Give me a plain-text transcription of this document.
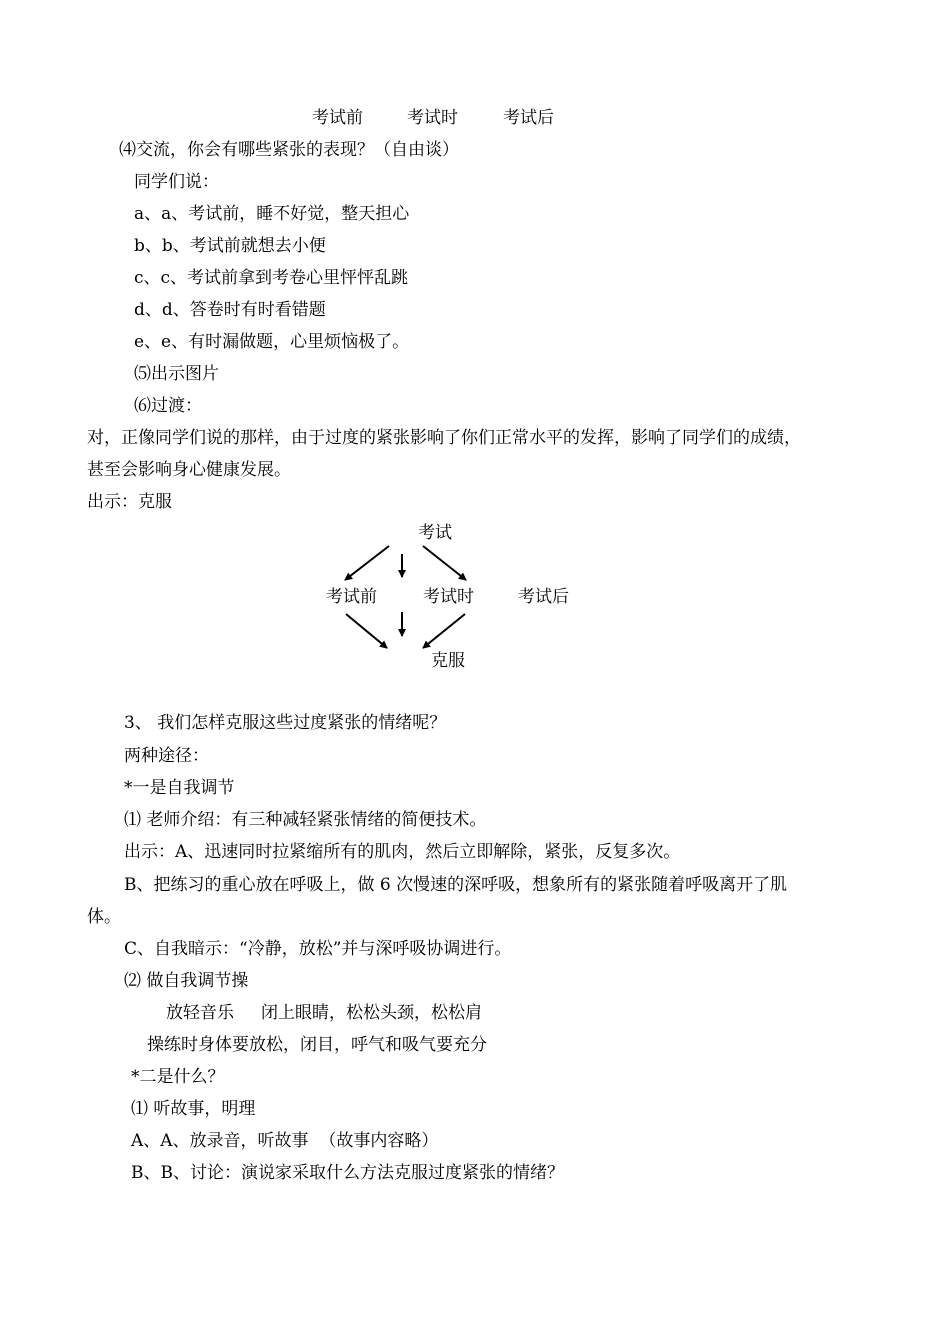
考试前	考试时	考试后
⑷交流，你会有哪些紧张的表现？（自由谈）
同学们说：
a、a、考试前，睡不好觉，整天担心
b、b、考试前就想去小便
c、c、考试前拿到考卷心里怦怦乱跳
d、d、答卷时有时看错题
e、e、有时漏做题，心里烦恼极了。
⑸出示图片
⑹过渡：
对，正像同学们说的那样，由于过度的紧张影响了你们正常水平的发挥，影响了同学们的成绩，
甚至会影响身心健康发展。
出示：克服
考试
考试前	考试时	考试后
克服
3、 我们怎样克服这些过度紧张的情绪呢？
两种途径：
*一是自我调节
⑴ 老师介绍：有三种减轻紧张情绪的简便技术。
出示：A、迅速同时拉紧缩所有的肌肉，然后立即解除，紧张，反复多次。
B、把练习的重心放在呼吸上，做 6 次慢速的深呼吸，想象所有的紧张随着呼吸离开了肌
体。
C、自我暗示：“冷静，放松”并与深呼吸协调进行。
⑵ 做自我调节操
放轻音乐     闭上眼睛，松松头颈，松松肩
操练时身体要放松，闭目，呼气和吸气要充分
*二是什么？
⑴ 听故事，明理
A、A、放录音，听故事  （故事内容略）
B、B、讨论：演说家采取什么方法克服过度紧张的情绪？
